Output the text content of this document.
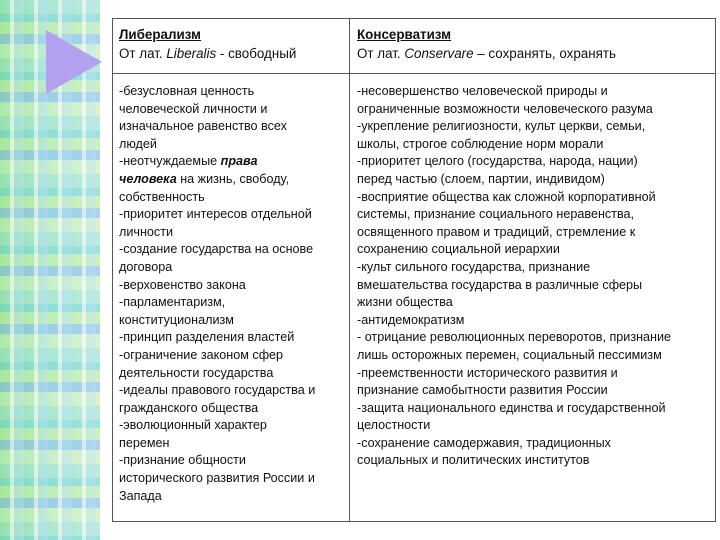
Либерализм
От лат. Liberalis - свободный
Консерватизм
От лат. Conservare – сохранять, охранять
-безусловная ценность
человеческой личности и
изначальное равенство всех
людей
-неотчуждаемые права
человека на жизнь, свободу,
собственность
-приоритет интересов отдельной
личности
-создание государства на основе
договора
-верховенство закона
-парламентаризм,
конституционализм
-принцип разделения властей
-ограничение законом сфер
деятельности государства
-идеалы правового государства и
гражданского общества
-эволюционный характер
перемен
-признание общности
исторического развития России и
Запада
-несовершенство человеческой природы и
ограниченные возможности человеческого разума
-укрепление религиозности, культ церкви, семьи,
школы, строгое соблюдение норм морали
-приоритет целого (государства, народа, нации)
перед частью (слоем, партии, индивидом)
-восприятие общества как сложной корпоративной
системы, признание социального неравенства,
освященного правом и традиций, стремление к
сохранению социальной иерархии
-культ сильного государства, признание
вмешательства государства в различные сферы
жизни общества
-антидемократизм
- отрицание революционных переворотов, признание
лишь осторожных перемен, социальный пессимизм
-преемственности исторического развития и
признание самобытности развития России
-защита национального единства и государственной
целостности
-сохранение самодержавия, традиционных
социальных и политических институтов
